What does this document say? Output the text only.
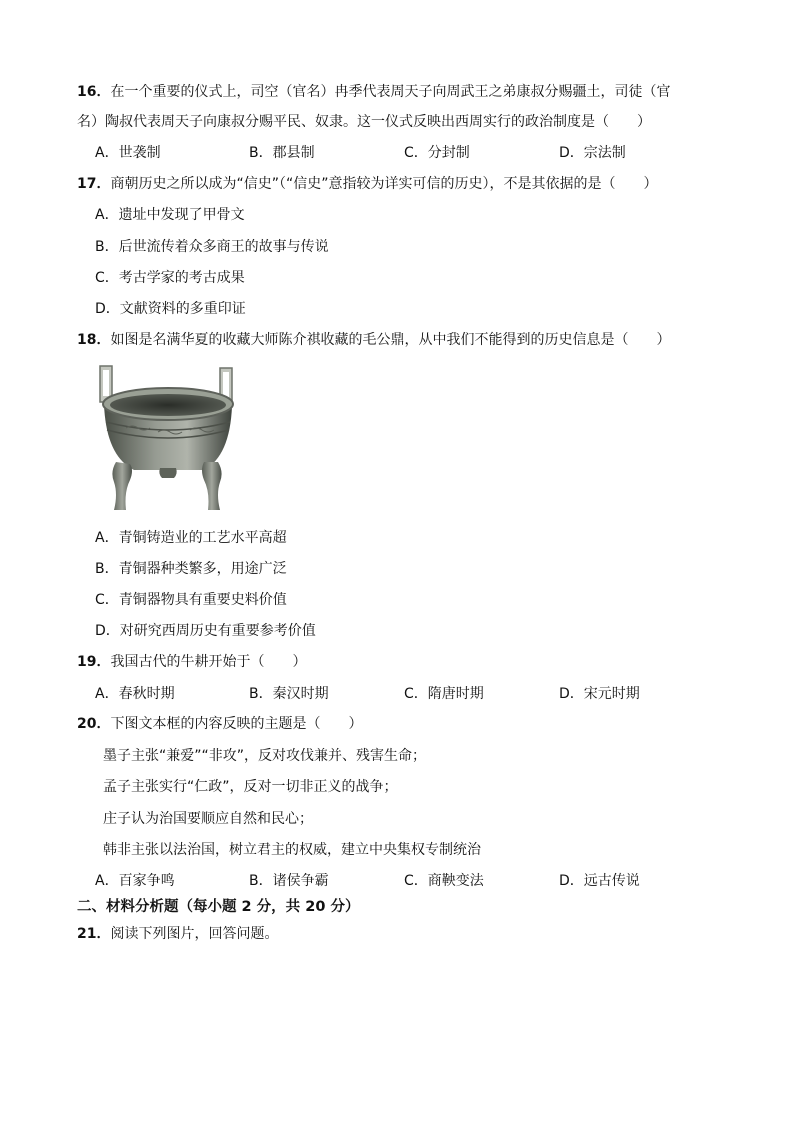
16．在一个重要的仪式上，司空（官名）冉季代表周天子向周武王之弟康叔分赐疆土，司徒（官
名）陶叔代表周天子向康叔分赐平民、奴隶。这一仪式反映出西周实行的政治制度是（　　）
A．世袭制	B．郡县制	C．分封制	D．宗法制
17．商朝历史之所以成为“信史”（“信史”意指较为详实可信的历史），不是其依据的是（　　）
A．遗址中发现了甲骨文
B．后世流传着众多商王的故事与传说
C．考古学家的考古成果
D．文献资料的多重印证
18．如图是名满华夏的收藏大师陈介祺收藏的毛公鼎，从中我们不能得到的历史信息是（　　）
A．青铜铸造业的工艺水平高超
B．青铜器种类繁多，用途广泛
C．青铜器物具有重要史料价值
D．对研究西周历史有重要参考价值
19．我国古代的牛耕开始于（　　）
A．春秋时期	B．秦汉时期	C．隋唐时期	D．宋元时期
20．下图文本框的内容反映的主题是（　　）
墨子主张“兼爱”“非攻”，反对攻伐兼并、残害生命；
孟子主张实行“仁政”，反对一切非正义的战争；
庄子认为治国要顺应自然和民心；
韩非主张以法治国，树立君主的权威，建立中央集权专制统治
A．百家争鸣	B．诸侯争霸	C．商鞅变法	D．远古传说
二、材料分析题（每小题 2 分，共 20 分）
21．阅读下列图片，回答问题。
